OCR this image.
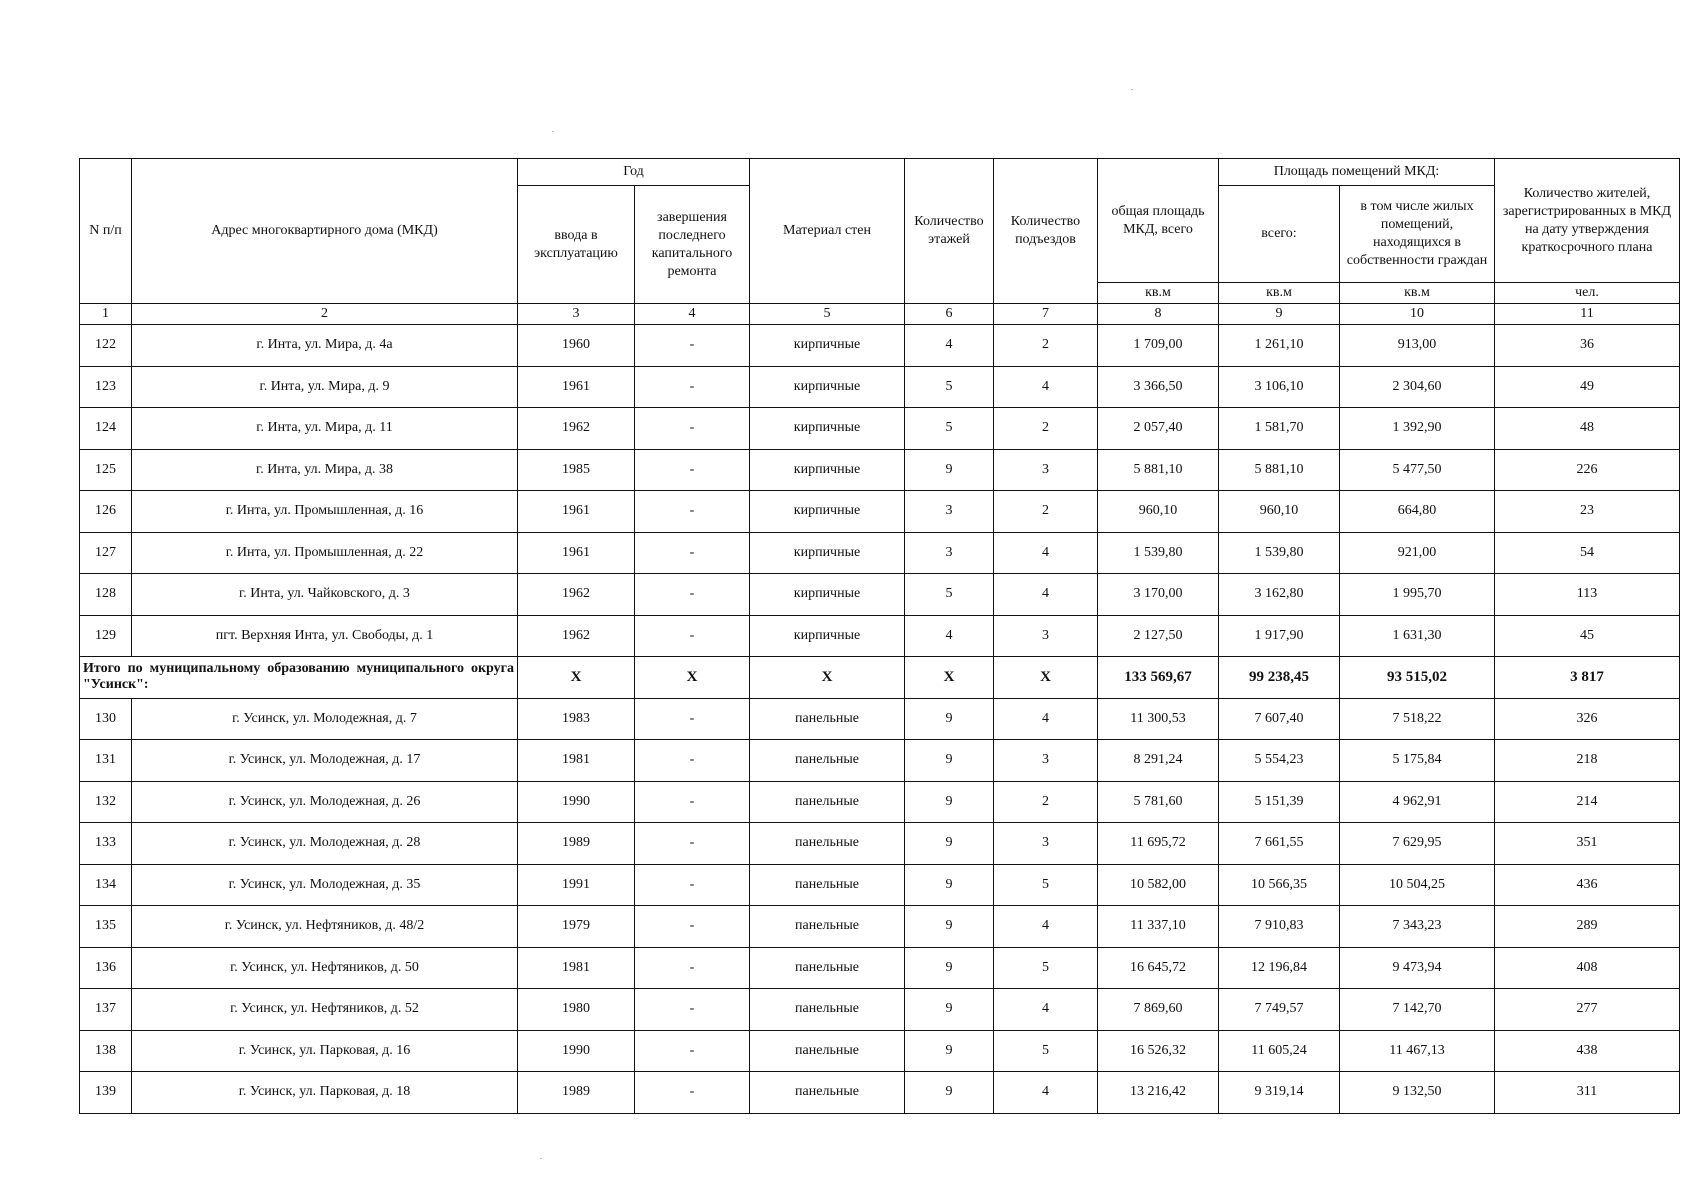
N п/п	Адрес многоквартирного дома (МКД)	Год		Материал стен	Количество этажей	Количество подъездов	общая площадь МКД, всего	Площадь помещений МКД:		Количество жителей, зарегистрированных в МКД на дату утверждения краткосрочного плана
		ввода в эксплуатацию	завершения последнего капитального ремонта					всего:	в том числе жилых помещений, находящихся в собственности граждан	
							кв.м	кв.м	кв.м	чел.
1	2	3	4	5	6	7	8	9	10	11
122	г. Инта, ул. Мира, д. 4а	1960	-	кирпичные	4	2	1 709,00	1 261,10	913,00	36
123	г. Инта, ул. Мира, д. 9	1961	-	кирпичные	5	4	3 366,50	3 106,10	2 304,60	49
124	г. Инта, ул. Мира, д. 11	1962	-	кирпичные	5	2	2 057,40	1 581,70	1 392,90	48
125	г. Инта, ул. Мира, д. 38	1985	-	кирпичные	9	3	5 881,10	5 881,10	5 477,50	226
126	г. Инта, ул. Промышленная, д. 16	1961	-	кирпичные	3	2	960,10	960,10	664,80	23
127	г. Инта, ул. Промышленная, д. 22	1961	-	кирпичные	3	4	1 539,80	1 539,80	921,00	54
128	г. Инта, ул. Чайковского, д. 3	1962	-	кирпичные	5	4	3 170,00	3 162,80	1 995,70	113
129	пгт. Верхняя Инта, ул. Свободы, д. 1	1962	-	кирпичные	4	3	2 127,50	1 917,90	1 631,30	45
Итого по муниципальному образованию муниципального округа "Усинск":		X	X	X	X	X	133 569,67	99 238,45	93 515,02	3 817
130	г. Усинск, ул. Молодежная, д. 7	1983	-	панельные	9	4	11 300,53	7 607,40	7 518,22	326
131	г. Усинск, ул. Молодежная, д. 17	1981	-	панельные	9	3	8 291,24	5 554,23	5 175,84	218
132	г. Усинск, ул. Молодежная, д. 26	1990	-	панельные	9	2	5 781,60	5 151,39	4 962,91	214
133	г. Усинск, ул. Молодежная, д. 28	1989	-	панельные	9	3	11 695,72	7 661,55	7 629,95	351
134	г. Усинск, ул. Молодежная, д. 35	1991	-	панельные	9	5	10 582,00	10 566,35	10 504,25	436
135	г. Усинск, ул. Нефтяников, д. 48/2	1979	-	панельные	9	4	11 337,10	7 910,83	7 343,23	289
136	г. Усинск, ул. Нефтяников, д. 50	1981	-	панельные	9	5	16 645,72	12 196,84	9 473,94	408
137	г. Усинск, ул. Нефтяников, д. 52	1980	-	панельные	9	4	7 869,60	7 749,57	7 142,70	277
138	г. Усинск, ул. Парковая, д. 16	1990	-	панельные	9	5	16 526,32	11 605,24	11 467,13	438
139	г. Усинск, ул. Парковая, д. 18	1989	-	панельные	9	4	13 216,42	9 319,14	9 132,50	311
